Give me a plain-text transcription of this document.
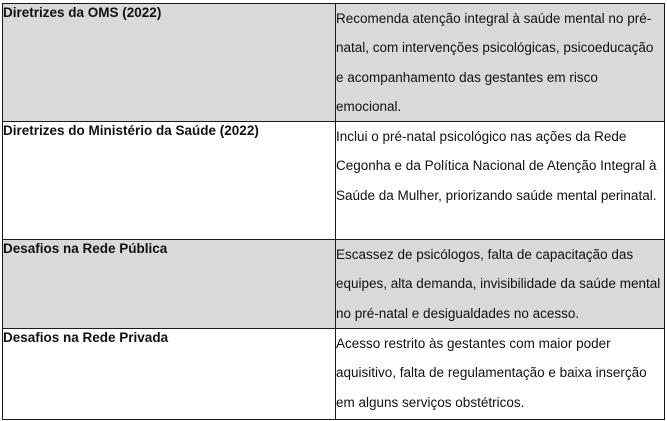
Diretrizes da OMS (2022)	Recomenda atenção integral à saúde mental no pré-natal, com intervenções psicológicas, psicoeducação e acompanhamento das gestantes em risco emocional.
Diretrizes do Ministério da Saúde (2022)	Inclui o pré-natal psicológico nas ações da Rede Cegonha e da Política Nacional de Atenção Integral à Saúde da Mulher, priorizando saúde mental perinatal.
Desafios na Rede Pública	Escassez de psicólogos, falta de capacitação das equipes, alta demanda, invisibilidade da saúde mental no pré-natal e desigualdades no acesso.
Desafios na Rede Privada	Acesso restrito às gestantes com maior poder aquisitivo, falta de regulamentação e baixa inserção em alguns serviços obstétricos.
